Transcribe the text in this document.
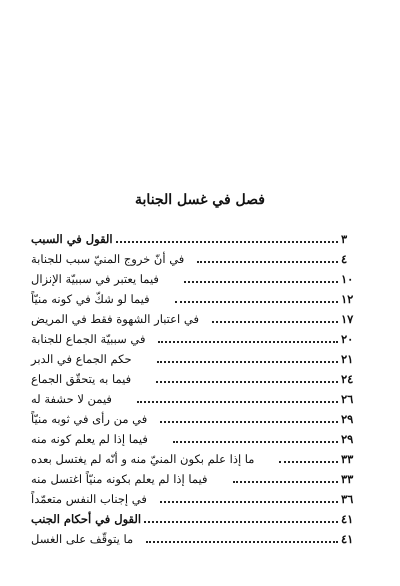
فصل في غسل الجنابة
القول في السبب	٣
في أنّ خروج المنيّ سبب للجنابة	٤
فيما يعتبر في سببيّة الإنزال	١٠
فيما لو شكّ في كونه منيّاً	١٢
في اعتبار الشهوة فقط في المريض	١٧
في سببيّة الجماع للجنابة	٢٠
حكم الجماع في الدبر	٢١
فيما به يتحقّق الجماع	٢٤
فيمن لا حشفة له	٢٦
في من رأى في ثوبه منيّاً	٢٩
فيما إذا لم يعلم كونه منه	٢٩
ما إذا علم بكون المنيّ منه و أنّه لم يغتسل بعده	٣٣
فيما إذا لم يعلم بكونه منيّاً اغتسل منه	٣٣
في إجناب النفس متعمّداً	٣٦
القول في أحكام الجنب	٤١
ما يتوقّف على الغسل	٤١
